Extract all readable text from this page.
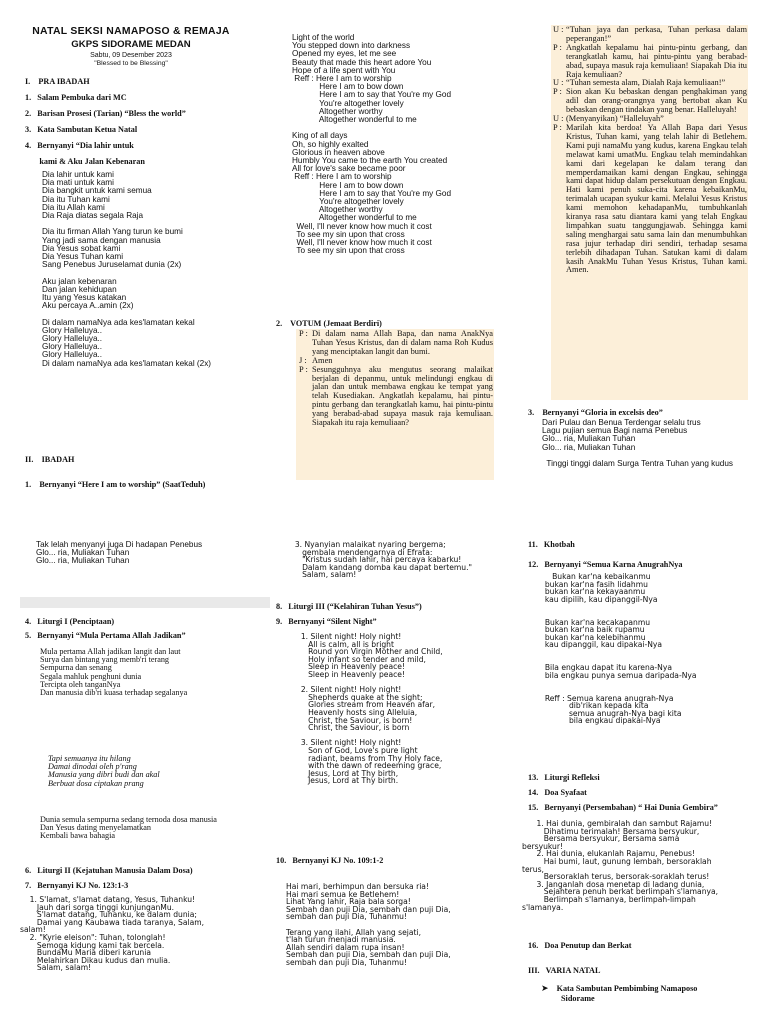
NATAL SEKSI NAMAPOSO & REMAJA
GKPS SIDORAME MEDAN
Sabtu, 09 Desember 2023
"Blessed to be Blessing"
I.    PRA IBADAH
1.   Salam Pembuka dari MC
2.   Barisan Prosesi (Tarian) “Bless the world”
3.   Kata Sambutan Ketua Natal
4.   Bernyanyi “Dia lahir untuk
kami & Aku Jalan Kebenaran
Dia lahir untuk kami
Dia mati untuk kami
Dia bangkit untuk kami semua
Dia itu Tuhan kami
Dia itu Allah kami
Dia Raja diatas segala Raja
Dia itu firman Allah Yang turun ke bumi
Yang jadi sama dengan manusia
Dia Yesus sobat kami
Dia Yesus Tuhan kami
Sang Penebus Juruselamat dunia (2x)
Aku jalan kebenaran
Dan jalan kehidupan
Itu yang Yesus katakan
Aku percaya A..amin (2x)
Di dalam namaNya ada kes'lamatan kekal
Glory Halleluya..
Glory Halleluya..
Glory Halleluya..
Glory Halleluya..
Di dalam namaNya ada kes'lamatan kekal (2x)
II.    IBADAH
1.    Bernyanyi “Here I am to worship” (SaatTeduh)
Light of the world
You stepped down into darkness
Opened my eyes, let me see
Beauty that made this heart adore You
Hope of a life spent with You
Reff : Here I am to worship
Here I am to bow down
Here I am to say that You're my God
You're altogether lovely
Altogether worthy
Altogether wonderful to me
King of all days
Oh, so highly exalted
Glorious in heaven above
Humbly You came to the earth You created
All for love's sake became poor
Reff : Here I am to worship
Here I am to bow down
Here I am to say that You're my God
You're altogether lovely
Altogether worthy
Altogether wonderful to me
Well, I'll never know how much it cost
To see my sin upon that cross
Well, I'll never know how much it cost
To see my sin upon that cross
2.    VOTUM (Jemaat Berdiri)
P : Di dalam nama Allah Bapa, dan nama AnakNya Tuhan Yesus Kristus, dan di dalam nama Roh Kudus yang menciptakan langit dan bumi.
J : Amen
P : Sesungguhnya aku mengutus seorang malaikat berjalan di depanmu, untuk melindungi engkau di jalan dan untuk membawa engkau ke tempat yang telah Kusediakan. Angkatlah kepalamu, hai pintu-pintu gerbang dan terangkatlah kamu, hai pintu-pintu yang berabad-abad supaya masuk raja kemuliaan. Siapakah itu raja kemuliaan?
U : “Tuhan jaya dan perkasa, Tuhan perkasa dalam peperangan!”
P : Angkatlah kepalamu hai pintu-pintu gerbang, dan terangkatlah kamu, hai pintu-pintu yang berabad-abad, supaya masuk raja kemuliaan! Siapakah Dia itu Raja kemuliaan?
U : “Tuhan semesta alam, Dialah Raja kemuliaan!”
P : Sion akan Ku bebaskan dengan penghakiman yang adil dan orang-orangnya yang bertobat akan Ku bebaskan dengan tindakan yang benar. Halleluyah!
U : (Menyanyikan) “Halleluyah”
P : Marilah kita berdoa! Ya Allah Bapa dari Yesus Kristus, Tuhan kami, yang telah lahir di Betlehem. Kami puji namaMu yang kudus, karena Engkau telah melawat kami umatMu. Engkau telah memindahkan kami dari kegelapan ke dalam terang dan memperdamaikan kami dengan Engkau, sehingga kami dapat hidup dalam persekutuan dengan Engkau. Hati kami penuh suka-cita karena kebaikanMu, terimalah ucapan syukur kami. Melalui Yesus Kristus kami memohon kehadapanMu, tumbuhkanlah kiranya rasa satu diantara kami yang telah Engkau limpahkan suatu tanggungjawab. Sehingga kami saling menghargai satu sama lain dan menumbuhkan rasa jujur terhadap diri sendiri, terhadap sesama terlebih dihadapan Tuhan. Satukan kami di dalam kasih AnakMu Tuhan Yesus Kristus, Tuhan kami. Amen.
3.    Bernyanyi “Gloria in excelsis deo”
Dari Pulau dan Benua Terdengar selalu trus
Lagu pujian semua Bagi nama Penebus
Glo... ria, Muliakan Tuhan
Glo... ria, Muliakan Tuhan
Tinggi tinggi dalam Surga Tentra Tuhan yang kudus
Tak lelah menyanyi juga Di hadapan Penebus
Glo... ria, Muliakan Tuhan
Glo... ria, Muliakan Tuhan
4.   Liturgi I (Penciptaan)
5.   Bernyanyi “Mula Pertama Allah Jadikan”
Mula pertama Allah jadikan langit dan laut
Surya dan bintang yang memb'ri terang
Sempurna dan senang
Segala mahluk penghuni dunia
Tercipta oleh tanganNya
Dan manusia dib'ri kuasa terhadap segalanya
Tapi semuanya itu hilang
Damai dinodai oleh p'rang
Manusia yang dibri budi dan akal
Berbuat dosa ciptakan prang
Dunia semula sempurna sedang ternoda dosa manusia
Dan Yesus dating menyelamatkan
Kembali bawa bahagia
6.   Liturgi II (Kejatuhan Manusia Dalam Dosa)
7.   Bernyanyi KJ No. 123:1-3
1. S'lamat, s'lamat datang, Yesus, Tuhanku!
Jauh dari sorga tinggi kunjunganMu.
S'lamat datang, Tuhanku, ke dalam dunia;
Damai yang Kaubawa tiada taranya, Salam,
salam!
2. "Kyrie eleison": Tuhan, tolonglah!
Semoga kidung kami tak bercela.
BundaMu Maria diberi karunia
Melahirkan Dikau kudus dan mulia.
Salam, salam!
3. Nyanyian malaikat nyaring bergema;
gembala mendengarnya di Efrata:
"Kristus sudah lahir, hai percaya kabarku!
Dalam kandang domba kau dapat bertemu."
Salam, salam!
8.   Liturgi III (“Kelahiran Tuhan Yesus”)
9.   Bernyanyi “Silent Night”
1. Silent night! Holy night!
All is calm, all is bright
Round yon Virgin Mother and Child,
Holy infant so tender and mild,
Sleep in Heavenly peace!
Sleep in Heavenly peace!
2. Silent night! Holy night!
Shepherds quake at the sight;
Glories stream from Heaven afar,
Heavenly hosts sing Alleluia,
Christ, the Saviour, is born!
Christ, the Saviour, is born
3. Silent night! Holy night!
Son of God, Love's pure light
radiant, beams from Thy Holy face,
with the dawn of redeeming grace,
Jesus, Lord at Thy birth,
Jesus, Lord at Thy birth.
10.   Bernyanyi KJ No. 109:1-2
Hai mari, berhimpun dan bersuka ria!
Hai mari semua ke Betlehem!
Lihat Yang lahir, Raja bala sorga!
Sembah dan puji Dia, sembah dan puji Dia,
sembah dan puji Dia, Tuhanmu!
Terang yang ilahi, Allah yang sejati,
t'lah turun menjadi manusia.
Allah sendiri dalam rupa insan!
Sembah dan puji Dia, sembah dan puji Dia,
sembah dan puji Dia, Tuhanmu!
11.   Khotbah
12.   Bernyanyi “Semua Karna AnugrahNya
Bukan kar'na kebaikanmu
bukan kar'na fasih lidahmu
bukan kar'na kekayaanmu
kau dipilih, kau dipanggil-Nya
Bukan kar'na kecakapanmu
bukan kar'na baik rupamu
bukan kar'na kelebihanmu
kau dipanggil, kau dipakai-Nya
Bila engkau dapat itu karena-Nya
bila engkau punya semua daripada-Nya
Reff : Semua karena anugrah-Nya
dib'rikan kepada kita
semua anugrah-Nya bagi kita
bila engkau dipakai-Nya
13.   Liturgi Refleksi
14.   Doa Syafaat
15.   Bernyanyi (Persembahan) “ Hai Dunia Gembira”
1. Hai dunia, gembiralah dan sambut Rajamu!
Dihatimu terimalah! Bersama bersyukur,
Bersama bersyukur, Bersama sama
bersyukur!
2. Hai dunia, elukanlah Rajamu, Penebus!
Hai bumi, laut, gunung lembah, bersoraklah
terus,
Bersoraklah terus, bersorak-soraklah terus!
3. Janganlah dosa menetap di ladang dunia,
Sejahtera penuh berkat berlimpah s'lamanya,
Berlimpah s'lamanya, berlimpah-limpah
s'lamanya.
16.   Doa Penutup dan Berkat
III.   VARIA NATAL
➤ Kata Sambutan Pembimbing Namaposo
Sidorame
